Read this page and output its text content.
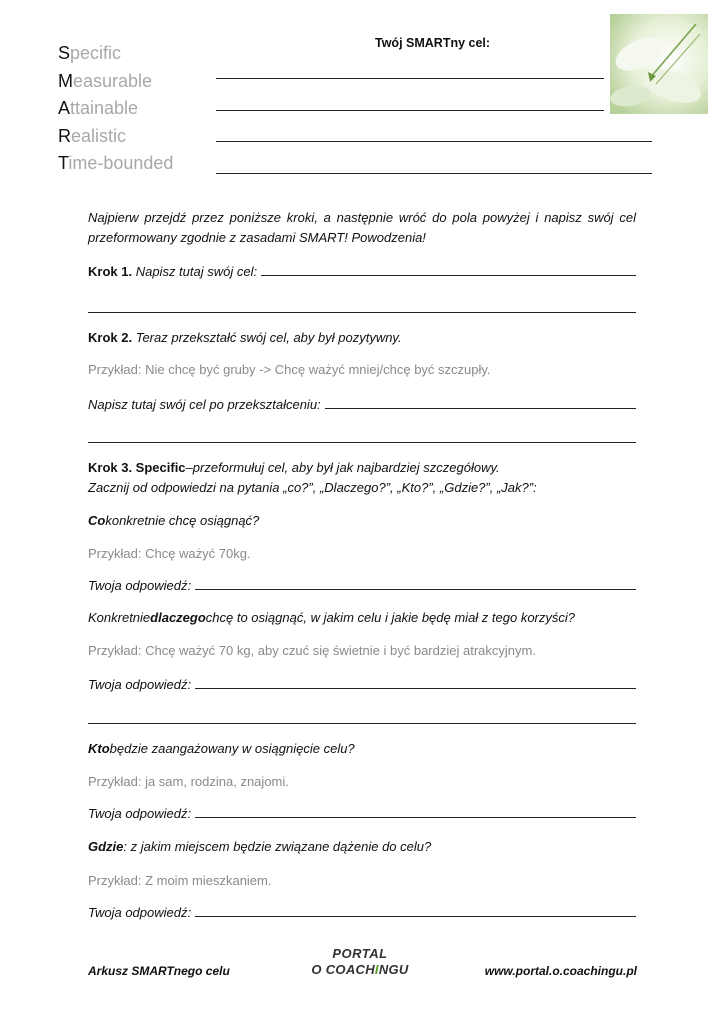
Specific
Measurable
Attainable
Realistic
Time-bounded
Twój SMARTny cel:
Najpierw przejdź przez poniższe kroki, a następnie wróć do pola powyżej i napisz swój cel przeformowany zgodnie z zasadami SMART! Powodzenia!
Krok 1.
Napisz tutaj swój cel:
Krok 2.
Teraz przekształć swój cel, aby był pozytywny.
Przykład: Nie chcę być gruby -> Chcę ważyć mniej/chcę być szczupły.
Napisz tutaj swój cel po przekształceniu:
Krok 3. Specific – przeformułuj cel, aby był jak najbardziej szczegółowy.
Zacznij od odpowiedzi na pytania „co?”, „Dlaczego?”, „Kto?”, „Gdzie?”, „Jak?”:
Co konkretnie chcę osiągnąć?
Przykład: Chcę ważyć 70kg.
Twoja odpowiedź:
Konkretnie dlaczego chcę to osiągnąć, w jakim celu i jakie będę miał z tego korzyści?
Przykład: Chcę ważyć 70 kg, aby czuć się świetnie i być bardziej atrakcyjnym.
Twoja odpowiedź:
Kto będzie zaangażowany w osiągnięcie celu?
Przykład: ja sam, rodzina, znajomi.
Twoja odpowiedź:
Gdzie : z jakim miejscem będzie związane dążenie do celu?
Przykład: Z moim mieszkaniem.
Twoja odpowiedź:
Arkusz SMARTnego celu
PORTAL
O COACHINGU	www.portal.o.coachingu.pl
